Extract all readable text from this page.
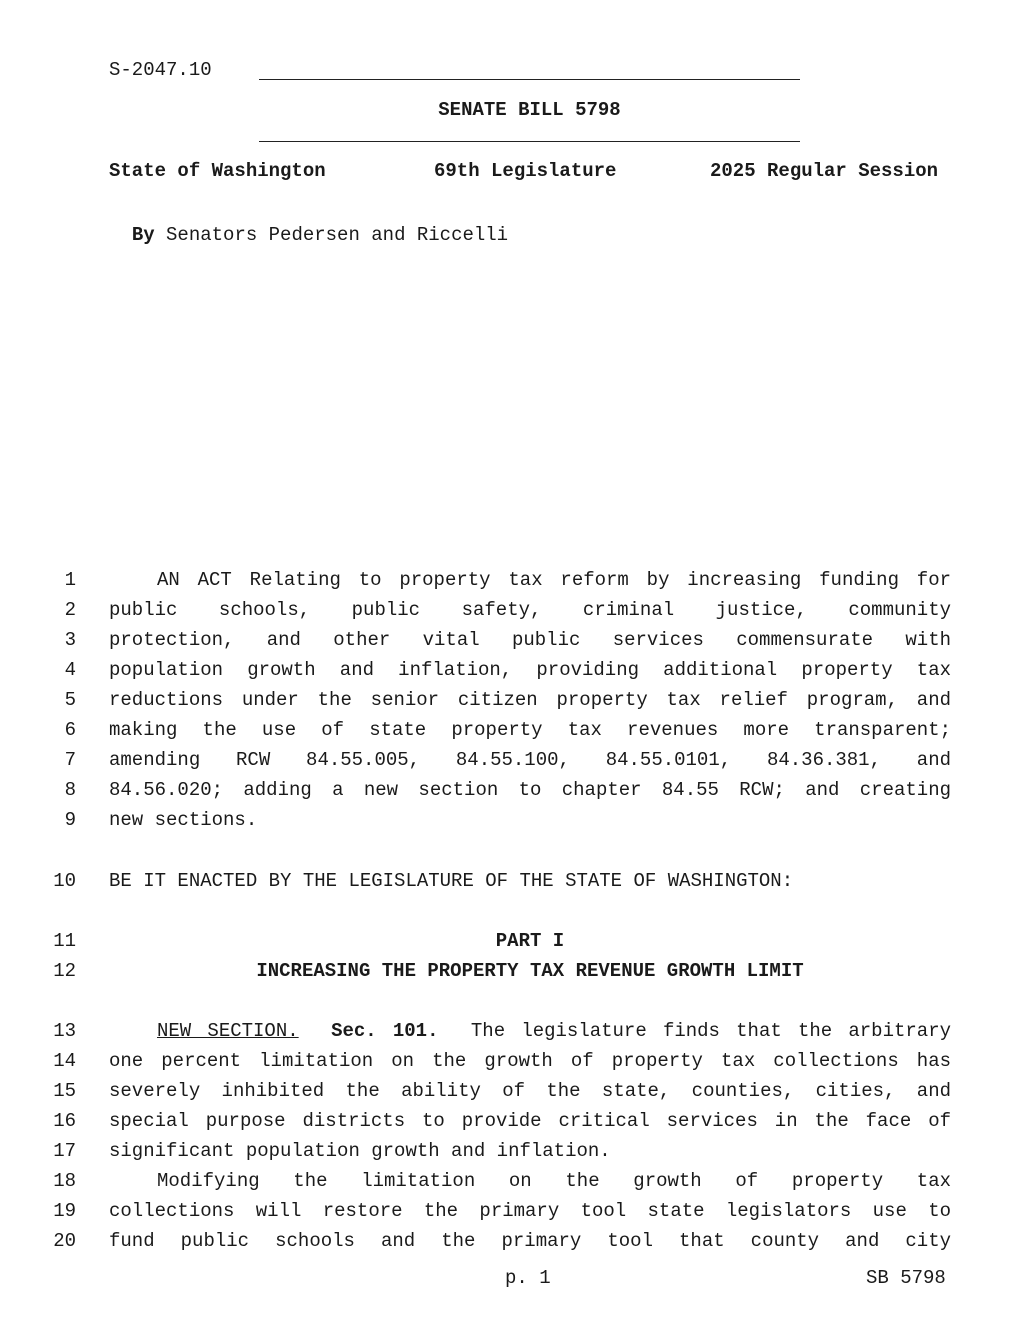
S-2047.10
SENATE BILL 5798
State of Washington	69th Legislature	2025 Regular Session

By Senators Pedersen and Riccelli

1
2
3
4
5
6
7
8
9
10
11
12
13
14
15
16
17
18
19
20
AN ACT Relating to property tax reform by increasing funding for
public schools, public safety, criminal justice, community
protection, and other vital public services commensurate with
population growth and inflation, providing additional property tax
reductions under the senior citizen property tax relief program, and
making the use of state property tax revenues more transparent;
amending RCW 84.55.005, 84.55.100, 84.55.0101, 84.36.381, and
84.56.020; adding a new section to chapter 84.55 RCW; and creating
new sections.
BE IT ENACTED BY THE LEGISLATURE OF THE STATE OF WASHINGTON:
PART I
INCREASING THE PROPERTY TAX REVENUE GROWTH LIMIT
NEW SECTION. Sec. 101. The legislature finds that the arbitrary
one percent limitation on the growth of property tax collections has
severely inhibited the ability of the state, counties, cities, and
special purpose districts to provide critical services in the face of
significant population growth and inflation.
Modifying the limitation on the growth of property tax
collections will restore the primary tool state legislators use to
fund public schools and the primary tool that county and city
p. 1	SB 5798
